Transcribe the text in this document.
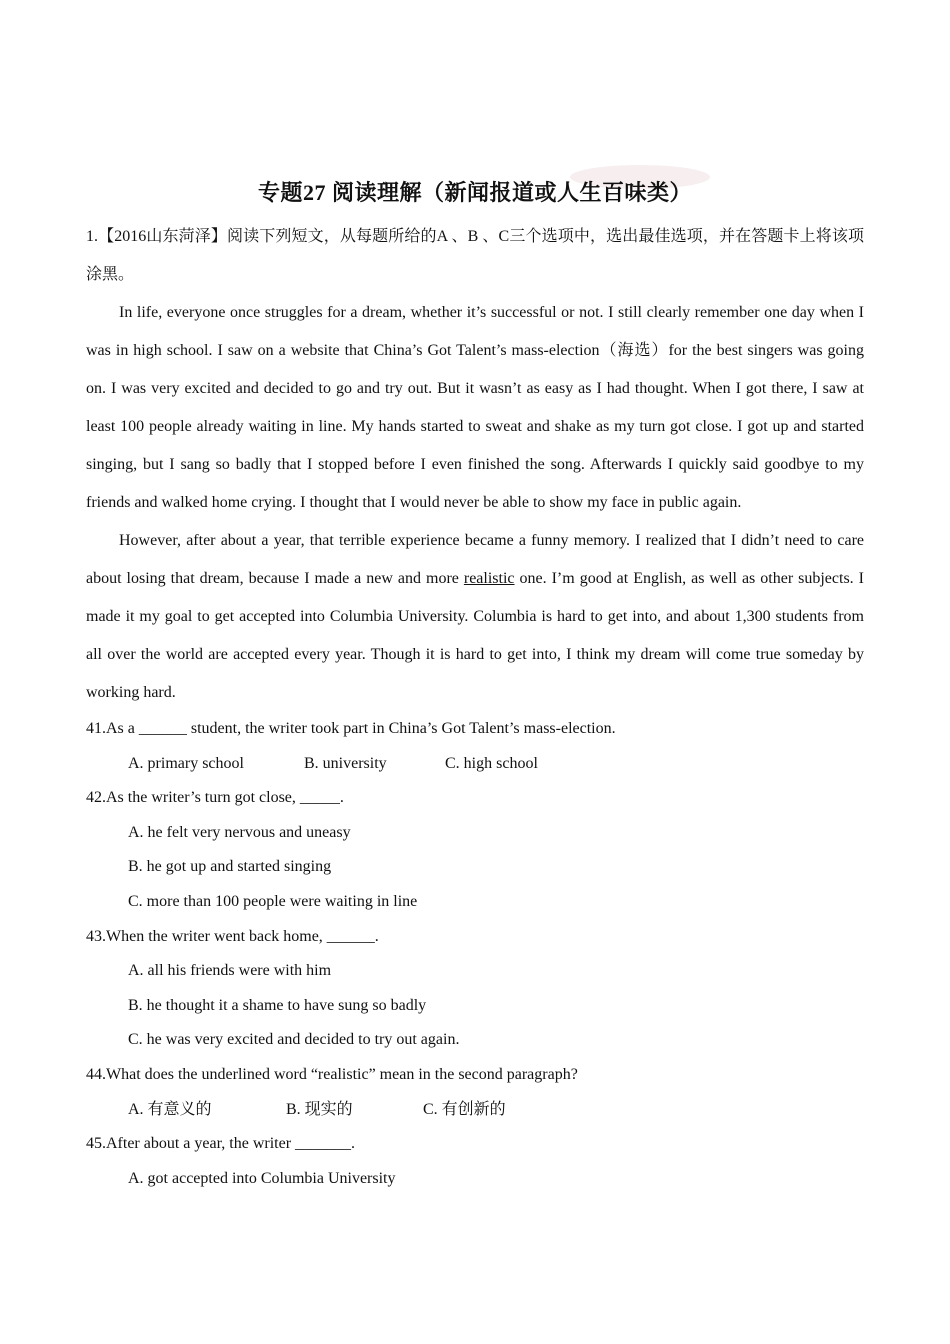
专题27 阅读理解（新闻报道或人生百味类）

1.【2016山东菏泽】阅读下列短文，从每题所给的A 、B 、C三个选项中，选出最佳选项，并在答题卡上将该项涂黑。

In life, everyone once struggles for a dream, whether it’s successful or not. I still clearly remember one day when I was in high school. I saw on a website that China’s Got Talent’s mass-election（海选）for the best singers was going on. I was very excited and decided to go and try out. But it wasn’t as easy as I had thought. When I got there, I saw at least 100 people already waiting in line. My hands started to sweat and shake as my turn got close. I got up and started singing, but I sang so badly that I stopped before I even finished the song. Afterwards I quickly said goodbye to my friends and walked home crying. I thought that I would never be able to show my face in public again.

However, after about a year, that terrible experience became a funny memory. I realized that I didn’t need to care about losing that dream, because I made a new and more realistic one. I’m good at English, as well as other subjects. I made it my goal to get accepted into Columbia University. Columbia is hard to get into, and about 1,300 students from all over the world are accepted every year. Though it is hard to get into, I think my dream will come true someday by working hard.

41.As a ______ student, the writer took part in China’s Got Talent’s mass-election.

A. primary school	B. university	C. high school

42.As the writer’s turn got close, _____.

A. he felt very nervous and uneasy

B. he got up and started singing

C. more than 100 people were waiting in line

43.When the writer went back home, ______.

A. all his friends were with him

B. he thought it a shame to have sung so badly

C. he was very excited and decided to try out again.

44.What does the underlined word “realistic” mean in the second paragraph?

A. 有意义的	B. 现实的	C. 有创新的

45.After about a year, the writer _______.

A. got accepted into Columbia University
